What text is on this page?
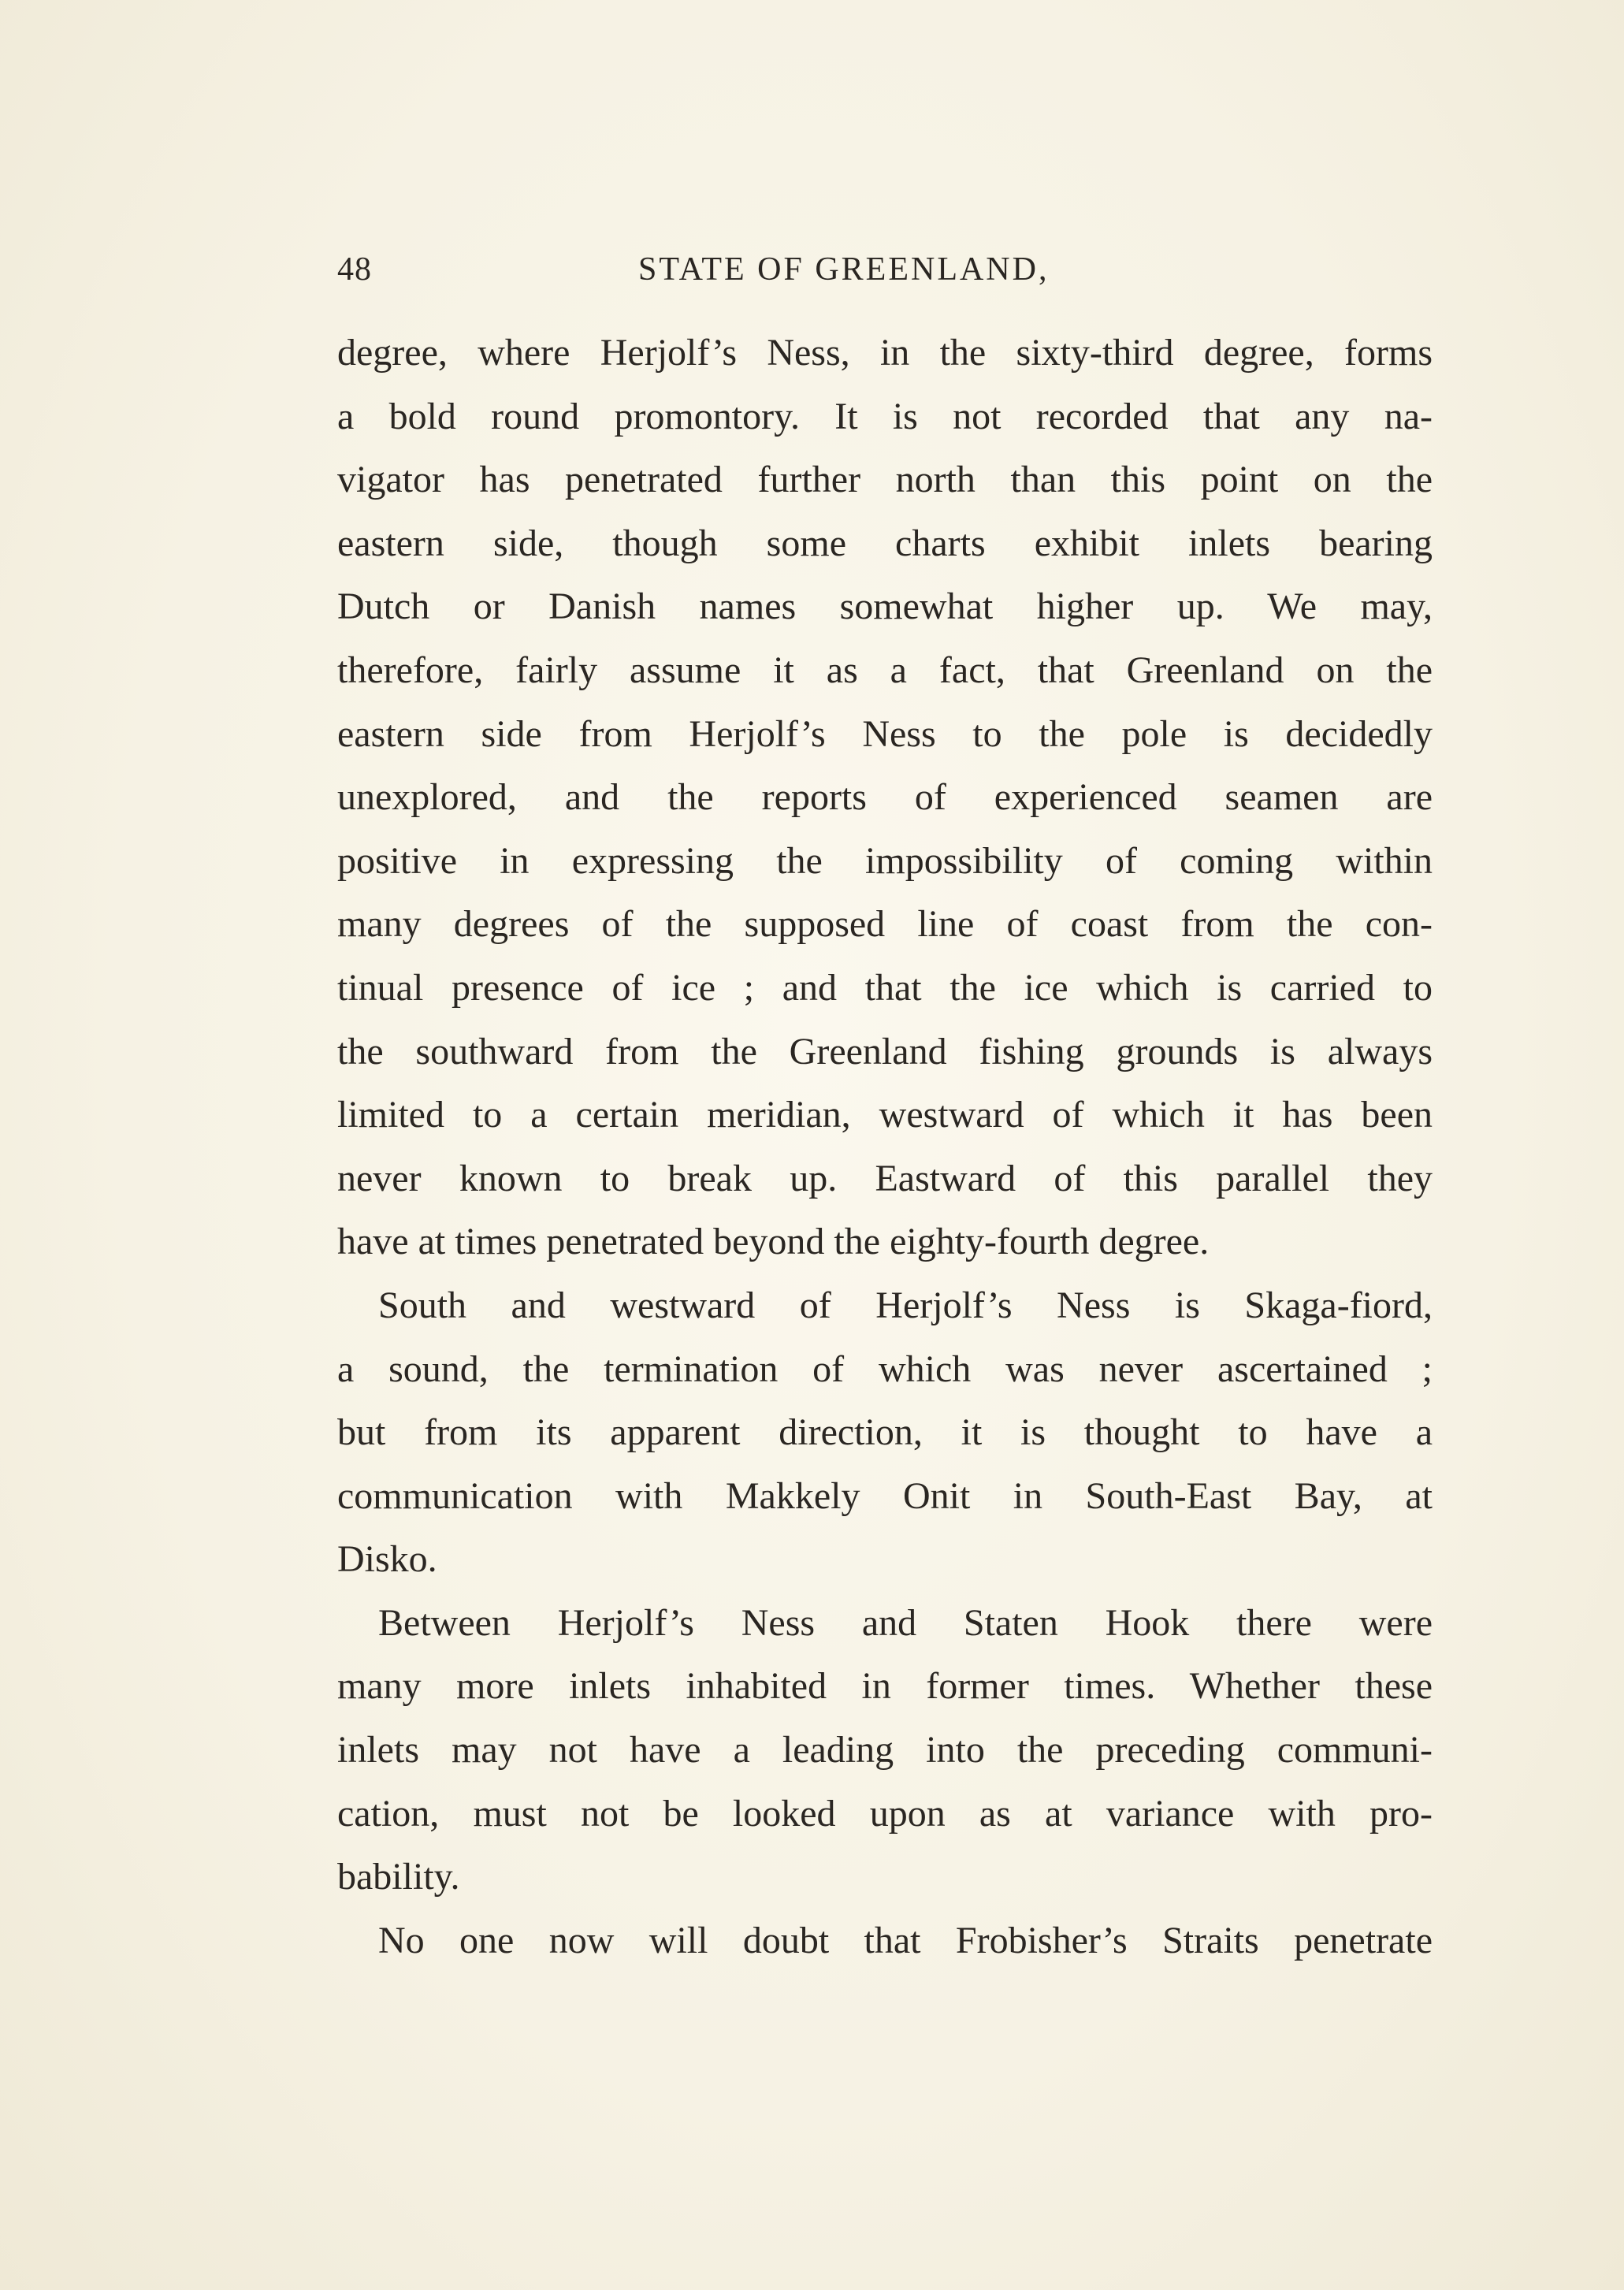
48	STATE OF GREENLAND,
degree, where Herjolf’s Ness, in the sixty-third degree, forms
a bold round promontory. It is not recorded that any na-
vigator has penetrated further north than this point on the
eastern side, though some charts exhibit inlets bearing
Dutch or Danish names somewhat higher up. We may,
therefore, fairly assume it as a fact, that Greenland on the
eastern side from Herjolf’s Ness to the pole is decidedly
unexplored, and the reports of experienced seamen are
positive in expressing the impossibility of coming within
many degrees of the supposed line of coast from the con-
tinual presence of ice ; and that the ice which is carried to
the southward from the Greenland fishing grounds is always
limited to a certain meridian, westward of which it has been
never known to break up. Eastward of this parallel they
have at times penetrated beyond the eighty-fourth degree.
South and westward of Herjolf’s Ness is Skaga-fiord,
a sound, the termination of which was never ascertained ;
but from its apparent direction, it is thought to have a
communication with Makkely Onit in South-East Bay, at
Disko.
Between Herjolf’s Ness and Staten Hook there were
many more inlets inhabited in former times. Whether these
inlets may not have a leading into the preceding communi-
cation, must not be looked upon as at variance with pro-
bability.
No one now will doubt that Frobisher’s Straits penetrate
